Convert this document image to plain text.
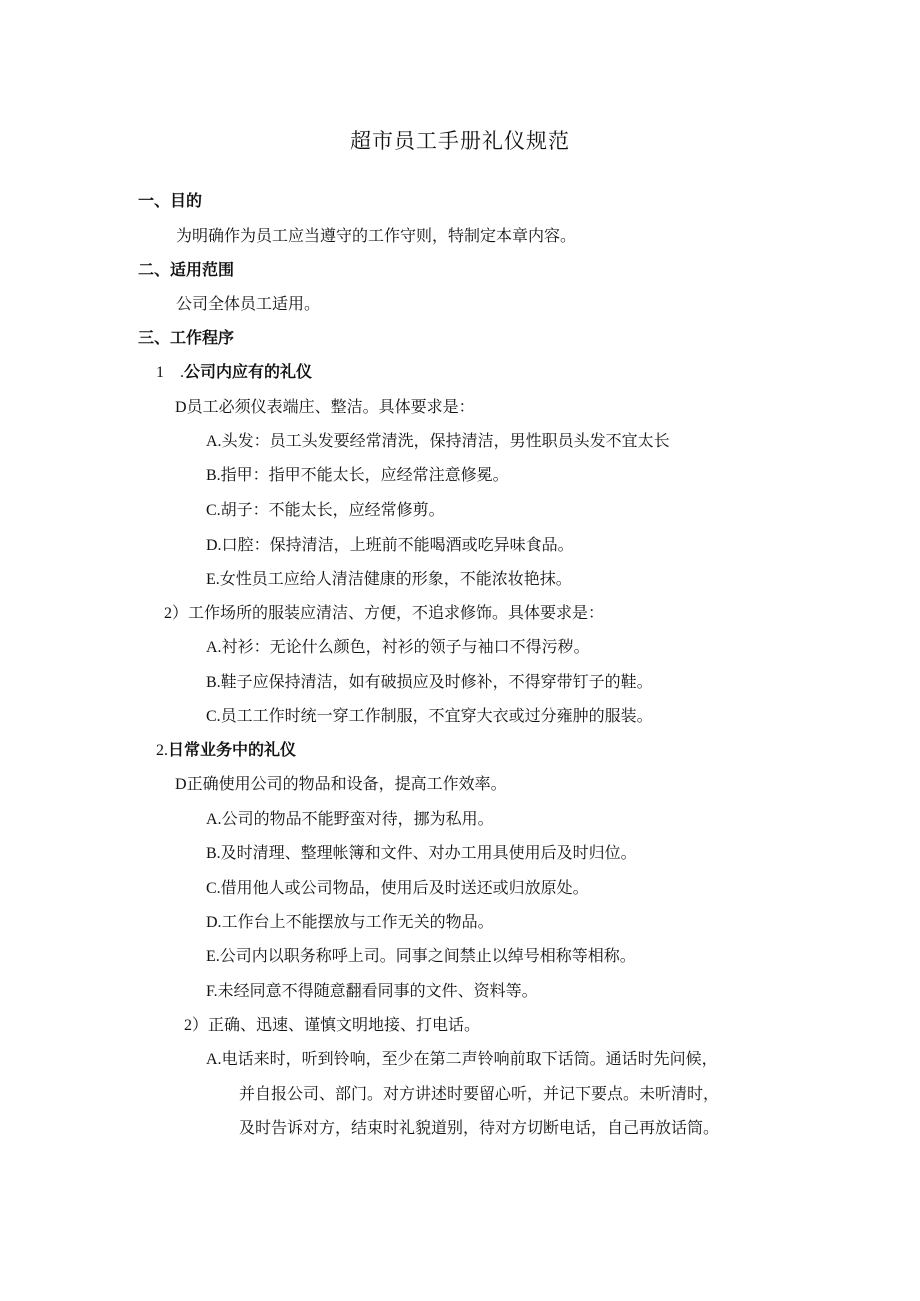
超市员工手册礼仪规范
一、目的
为明确作为员工应当遵守的工作守则，特制定本章内容。
二、适用范围
公司全体员工适用。
三、工作程序
1　.公司内应有的礼仪
D员工必须仪表端庄、整洁。具体要求是：
A.头发：员工头发要经常清洗，保持清洁，男性职员头发不宜太长
B.指甲：指甲不能太长，应经常注意修冕。
C.胡子：不能太长，应经常修剪。
D.口腔：保持清洁，上班前不能喝酒或吃异味食品。
E.女性员工应给人清洁健康的形象，不能浓妆艳抹。
2）工作场所的服装应清洁、方便，不追求修饰。具体要求是：
A.衬衫：无论什么颜色，衬衫的领子与袖口不得污秽。
B.鞋子应保持清洁，如有破损应及时修补，不得穿带钉子的鞋。
C.员工工作时统一穿工作制服，不宜穿大衣或过分雍肿的服装。
2.日常业务中的礼仪
D正确使用公司的物品和设备，提高工作效率。
A.公司的物品不能野蛮对待，挪为私用。
B.及时清理、整理帐簿和文件、对办工用具使用后及时归位。
C.借用他人或公司物品，使用后及时送还或归放原处。
D.工作台上不能摆放与工作无关的物品。
E.公司内以职务称呼上司。同事之间禁止以绰号相称等相称。
F.未经同意不得随意翻看同事的文件、资料等。
2）正确、迅速、谨慎文明地接、打电话。
A.电话来时，听到铃响，至少在第二声铃响前取下话筒。通话时先问候，
并自报公司、部门。对方讲述时要留心听，并记下要点。未听清时，
及时告诉对方，结束时礼貌道别，待对方切断电话，自己再放话筒。
